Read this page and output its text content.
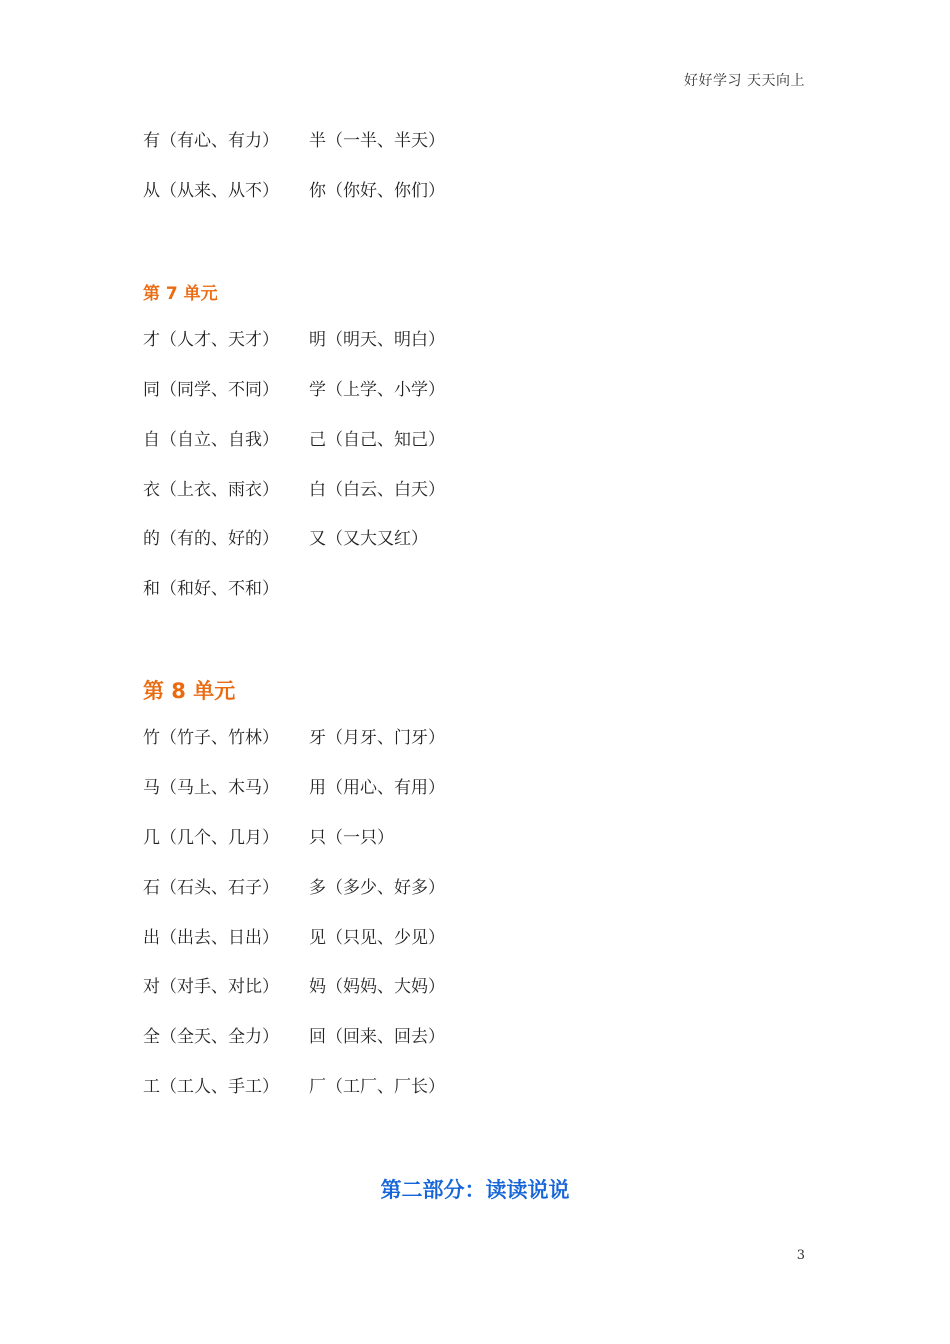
好好学习 天天向上
有（有心、有力） 半（一半、半天）
从（从来、从不） 你（你好、你们）
第 7 单元
才（人才、天才） 明（明天、明白）
同（同学、不同） 学（上学、小学）
自（自立、自我） 己（自己、知己）
衣（上衣、雨衣） 白（白云、白天）
的（有的、好的） 又（又大又红）
和（和好、不和）
第 8 单元
竹（竹子、竹林） 牙（月牙、门牙）
马（马上、木马） 用（用心、有用）
几（几个、几月） 只（一只）
石（石头、石子） 多（多少、好多）
出（出去、日出） 见（只见、少见）
对（对手、对比） 妈（妈妈、大妈）
全（全天、全力） 回（回来、回去）
工（工人、手工） 厂（工厂、厂长）
第二部分：读读说说
3
